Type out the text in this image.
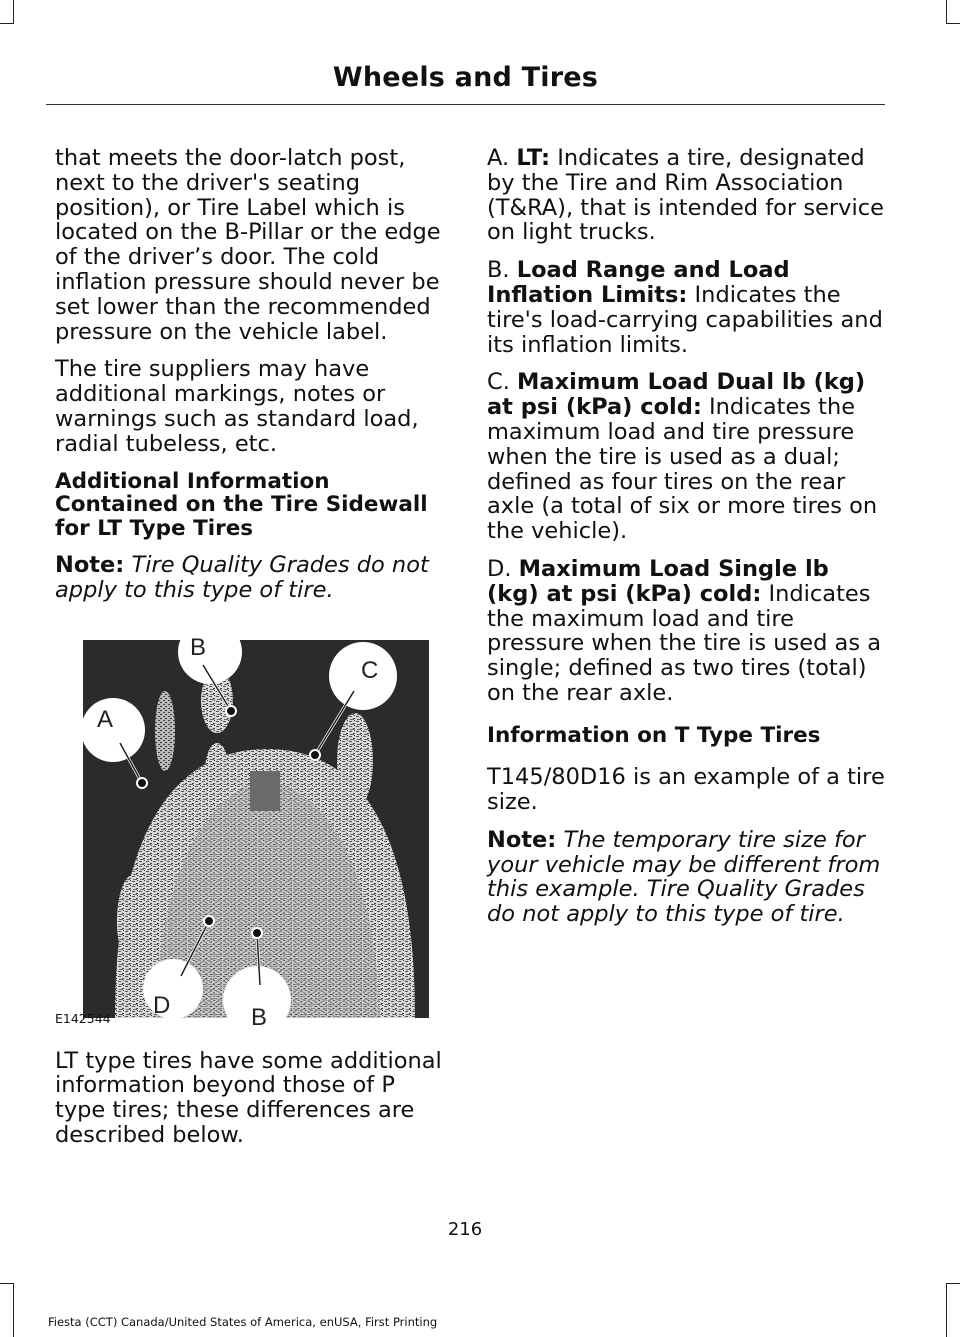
Wheels and Tires

that meets the door-latch post, next to the driver's seating position), or Tire Label which is located on the B-Pillar or the edge of the driver’s door. The cold inflation pressure should never be set lower than the recommended pressure on the vehicle label.

The tire suppliers may have additional markings, notes or warnings such as standard load, radial tubeless, etc.

Additional Information Contained on the Tire Sidewall for LT Type Tires

Note: Tire Quality Grades do not apply to this type of tire.

B
C
A
D	B
E142544

LT type tires have some additional information beyond those of P type tires; these differences are described below.

A. LT: Indicates a tire, designated by the Tire and Rim Association (T&RA), that is intended for service on light trucks.

B. Load Range and Load Inflation Limits: Indicates the tire's load-carrying capabilities and its inflation limits.

C. Maximum Load Dual lb (kg) at psi (kPa) cold: Indicates the maximum load and tire pressure when the tire is used as a dual; defined as four tires on the rear axle (a total of six or more tires on the vehicle).

D. Maximum Load Single lb (kg) at psi (kPa) cold: Indicates the maximum load and tire pressure when the tire is used as a single; defined as two tires (total) on the rear axle.

Information on T Type Tires

T145/80D16 is an example of a tire size.

Note: The temporary tire size for your vehicle may be different from this example. Tire Quality Grades do not apply to this type of tire.

216
Fiesta (CCT) Canada/United States of America, enUSA, First Printing
